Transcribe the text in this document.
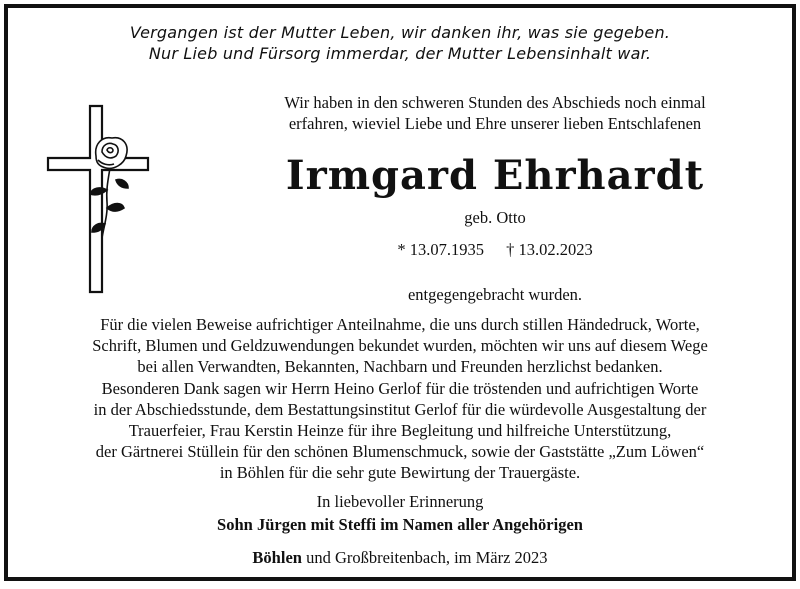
Vergangen ist der Mutter Leben, wir danken ihr, was sie gegeben.
Nur Lieb und Fürsorg immerdar, der Mutter Lebensinhalt war.
Wir haben in den schweren Stunden des Abschieds noch einmal
erfahren, wieviel Liebe und Ehre unserer lieben Entschlafenen
Irmgard Ehrhardt
geb. Otto
* 13.07.1935 † 13.02.2023
entgegengebracht wurden.
Für die vielen Beweise aufrichtiger Anteilnahme, die uns durch stillen Händedruck, Worte,
Schrift, Blumen und Geldzuwendungen bekundet wurden, möchten wir uns auf diesem Wege
bei allen Verwandten, Bekannten, Nachbarn und Freunden herzlichst bedanken.
Besonderen Dank sagen wir Herrn Heino Gerlof für die tröstenden und aufrichtigen Worte
in der Abschiedsstunde, dem Bestattungsinstitut Gerlof für die würdevolle Ausgestaltung der
Trauerfeier, Frau Kerstin Heinze für ihre Begleitung und hilfreiche Unterstützung,
der Gärtnerei Stüllein für den schönen Blumenschmuck, sowie der Gaststätte „Zum Löwen“
in Böhlen für die sehr gute Bewirtung der Trauergäste.
In liebevoller Erinnerung
Sohn Jürgen mit Steffi im Namen aller Angehörigen
Böhlen und Großbreitenbach, im März 2023
